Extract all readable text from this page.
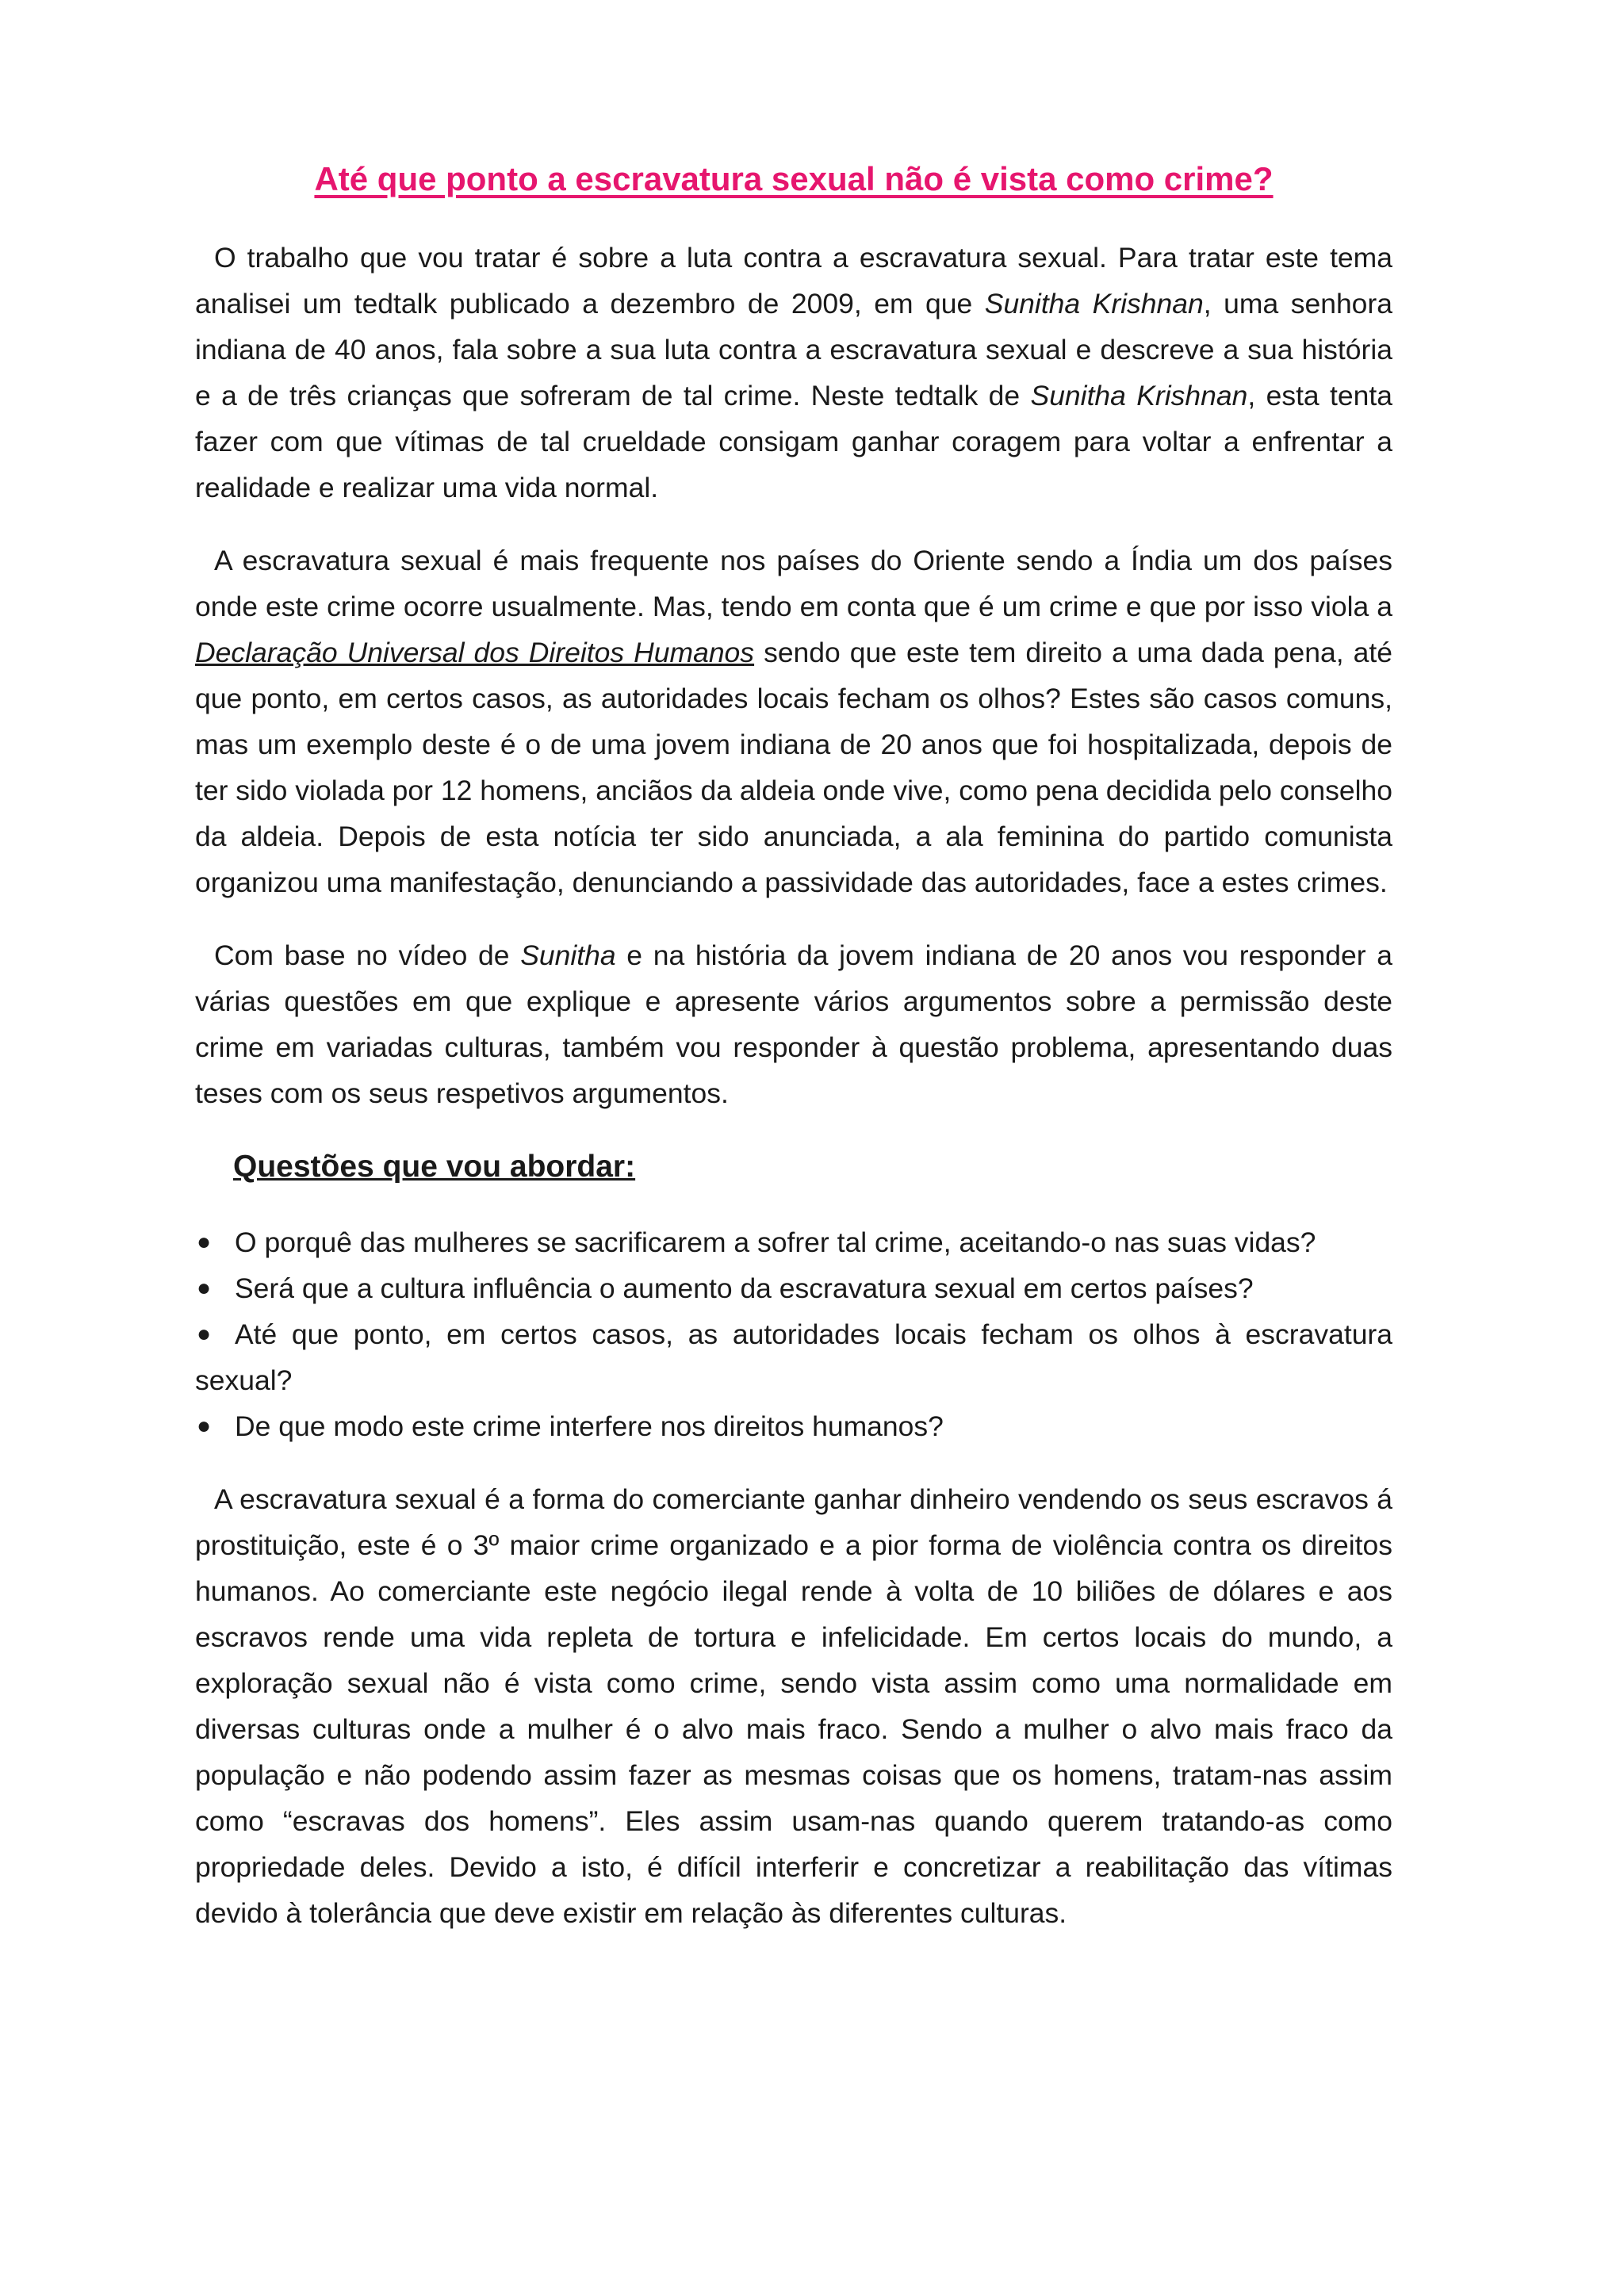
Até que ponto a escravatura sexual não é vista como crime?

O trabalho que vou tratar é sobre a luta contra a escravatura sexual. Para tratar este tema analisei um tedtalk publicado a dezembro de 2009, em que Sunitha Krishnan, uma senhora indiana de 40 anos, fala sobre a sua luta contra a escravatura sexual e descreve a sua história e a de três crianças que sofreram de tal crime. Neste tedtalk de Sunitha Krishnan, esta tenta fazer com que vítimas de tal crueldade consigam ganhar coragem para voltar a enfrentar a realidade e realizar uma vida normal.

A escravatura sexual é mais frequente nos países do Oriente sendo a Índia um dos países onde este crime ocorre usualmente. Mas, tendo em conta que é um crime e que por isso viola a Declaração Universal dos Direitos Humanos sendo que este tem direito a uma dada pena, até que ponto, em certos casos, as autoridades locais fecham os olhos? Estes são casos comuns, mas um exemplo deste é o de uma jovem indiana de 20 anos que foi hospitalizada, depois de ter sido violada por 12 homens, anciãos da aldeia onde vive, como pena decidida pelo conselho da aldeia. Depois de esta notícia ter sido anunciada, a ala feminina do partido comunista organizou uma manifestação, denunciando a passividade das autoridades, face a estes crimes.

Com base no vídeo de Sunitha e na história da jovem indiana de 20 anos vou responder a várias questões em que explique e apresente vários argumentos sobre a permissão deste crime em variadas culturas, também vou responder à questão problema, apresentando duas teses com os seus respetivos argumentos.

Questões que vou abordar:
● O porquê das mulheres se sacrificarem a sofrer tal crime, aceitando-o nas suas vidas?
● Será que a cultura influência o aumento da escravatura sexual em certos países?
● Até que ponto, em certos casos, as autoridades locais fecham os olhos à escravatura sexual?
● De que modo este crime interfere nos direitos humanos?

A escravatura sexual é a forma do comerciante ganhar dinheiro vendendo os seus escravos á prostituição, este é o 3º maior crime organizado e a pior forma de violência contra os direitos humanos. Ao comerciante este negócio ilegal rende à volta de 10 biliões de dólares e aos escravos rende uma vida repleta de tortura e infelicidade. Em certos locais do mundo, a exploração sexual não é vista como crime, sendo vista assim como uma normalidade em diversas culturas onde a mulher é o alvo mais fraco. Sendo a mulher o alvo mais fraco da população e não podendo assim fazer as mesmas coisas que os homens, tratam-nas assim como “escravas dos homens”. Eles assim usam-nas quando querem tratando-as como propriedade deles. Devido a isto, é difícil interferir e concretizar a reabilitação das vítimas devido à tolerância que deve existir em relação às diferentes culturas.
